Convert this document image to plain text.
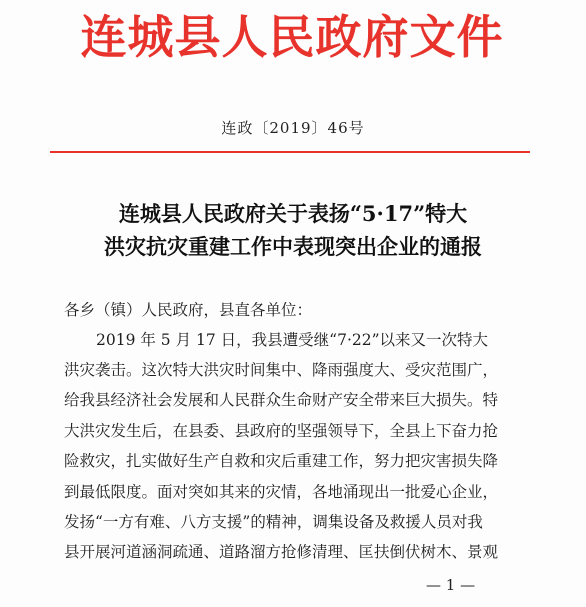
连城县人民政府文件
连政〔2019〕46号
连城县人民政府关于表扬“5·17”特大
洪灾抗灾重建工作中表现突出企业的通报
各乡（镇）人民政府，县直各单位：
2019 年 5 月 17 日，我县遭受继“7·22”以来又一次特大
洪灾袭击。这次特大洪灾时间集中、降雨强度大、受灾范围广，
给我县经济社会发展和人民群众生命财产安全带来巨大损失。特
大洪灾发生后，在县委、县政府的坚强领导下，全县上下奋力抢
险救灾，扎实做好生产自救和灾后重建工作，努力把灾害损失降
到最低限度。面对突如其来的灾情，各地涌现出一批爱心企业，
发扬“一方有难、八方支援”的精神，调集设备及救援人员对我
县开展河道涵洞疏通、道路溜方抢修清理、匡扶倒伏树木、景观
— 1 —
